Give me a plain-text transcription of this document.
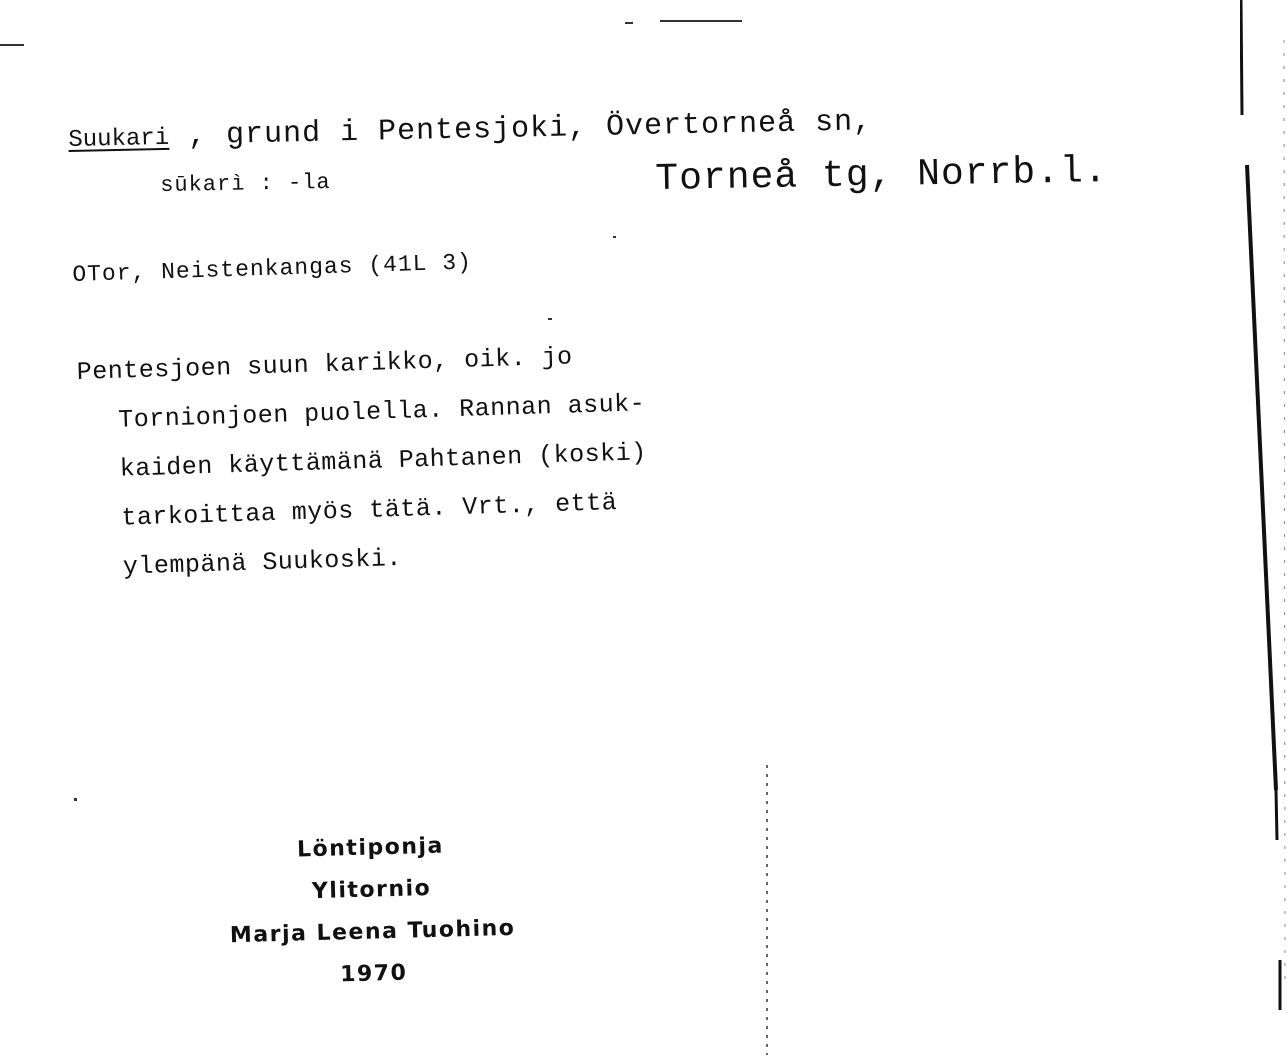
Suukari , grund i Pentesjoki, Övertorneå sn,
sūkarì : -la	Torneå tg, Norrb.l.
OTor, Neistenkangas (41L 3)
Pentesjoen suun karikko, oik. jo
Tornionjoen puolella. Rannan asuk-
kaiden käyttämänä Pahtanen (koski)
tarkoittaa myös tätä. Vrt., että
ylempänä Suukoski.
Löntiponja
Ylitornio
Marja Leena Tuohino
1970
